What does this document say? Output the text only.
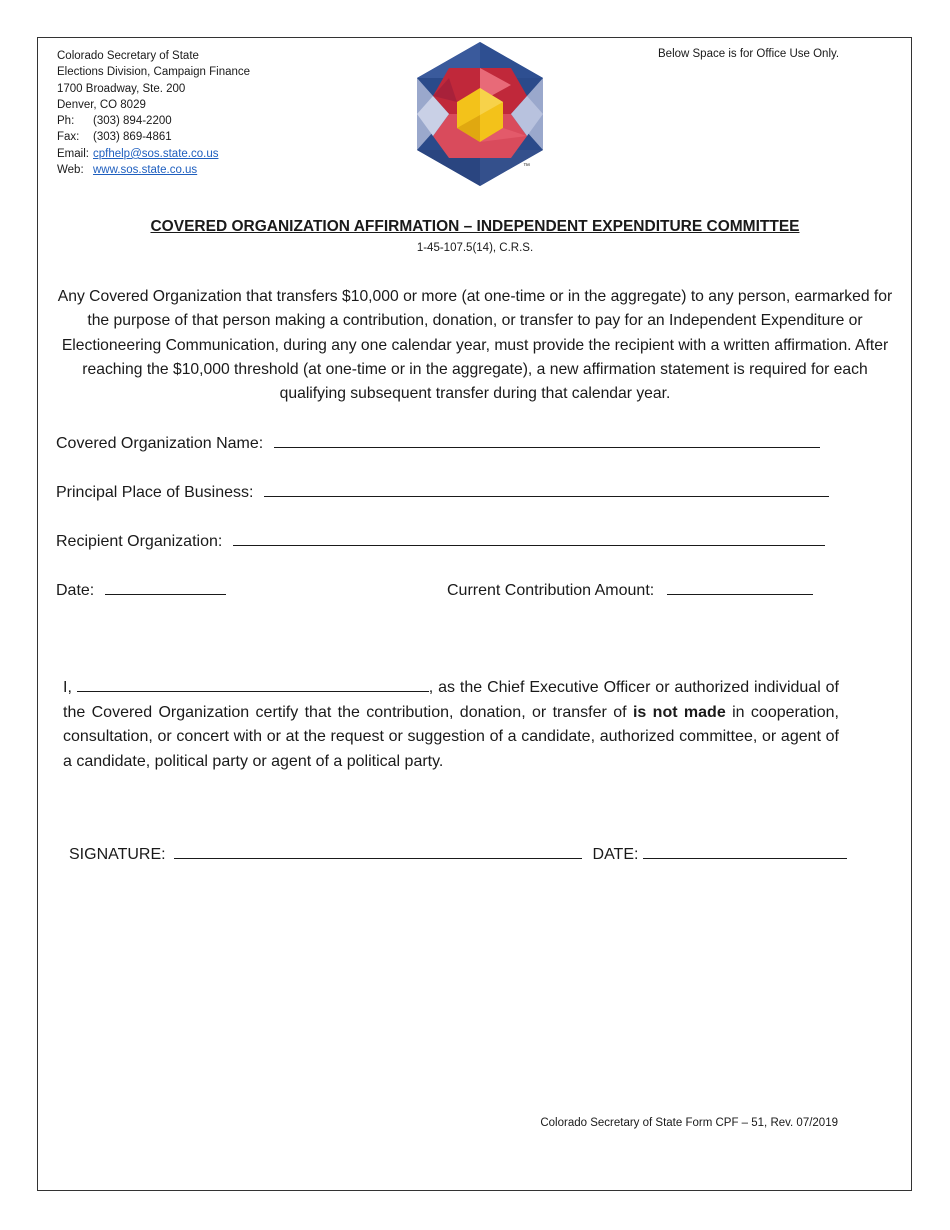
Colorado Secretary of State
Elections Division, Campaign Finance
1700 Broadway, Ste. 200
Denver, CO 8029
Ph:	(303) 894-2200
Fax:	(303) 869-4861
Email: cpfhelp@sos.state.co.us
Web: www.sos.state.co.us	™
Below Space is for Office Use Only.
COVERED ORGANIZATION AFFIRMATION – INDEPENDENT EXPENDITURE COMMITTEE
1-45-107.5(14), C.R.S.
Any Covered Organization that transfers $10,000 or more (at one-time or in the aggregate) to any person, earmarked for the purpose of that person making a contribution, donation, or transfer to pay for an Independent Expenditure or Electioneering Communication, during any one calendar year, must provide the recipient with a written affirmation. After reaching the $10,000 threshold (at one-time or in the aggregate), a new affirmation statement is required for each qualifying subsequent transfer during that calendar year.
Covered Organization Name:
Principal Place of Business:
Recipient Organization:
Date:	Current Contribution Amount:
I,	, as the Chief Executive Officer or authorized individual of the Covered Organization certify that the contribution, donation, or transfer of is not made in cooperation, consultation, or concert with or at the request or suggestion of a candidate, authorized committee, or agent of a candidate, political party or agent of a political party.
SIGNATURE:	DATE:
Colorado Secretary of State Form CPF – 51, Rev. 07/2019
